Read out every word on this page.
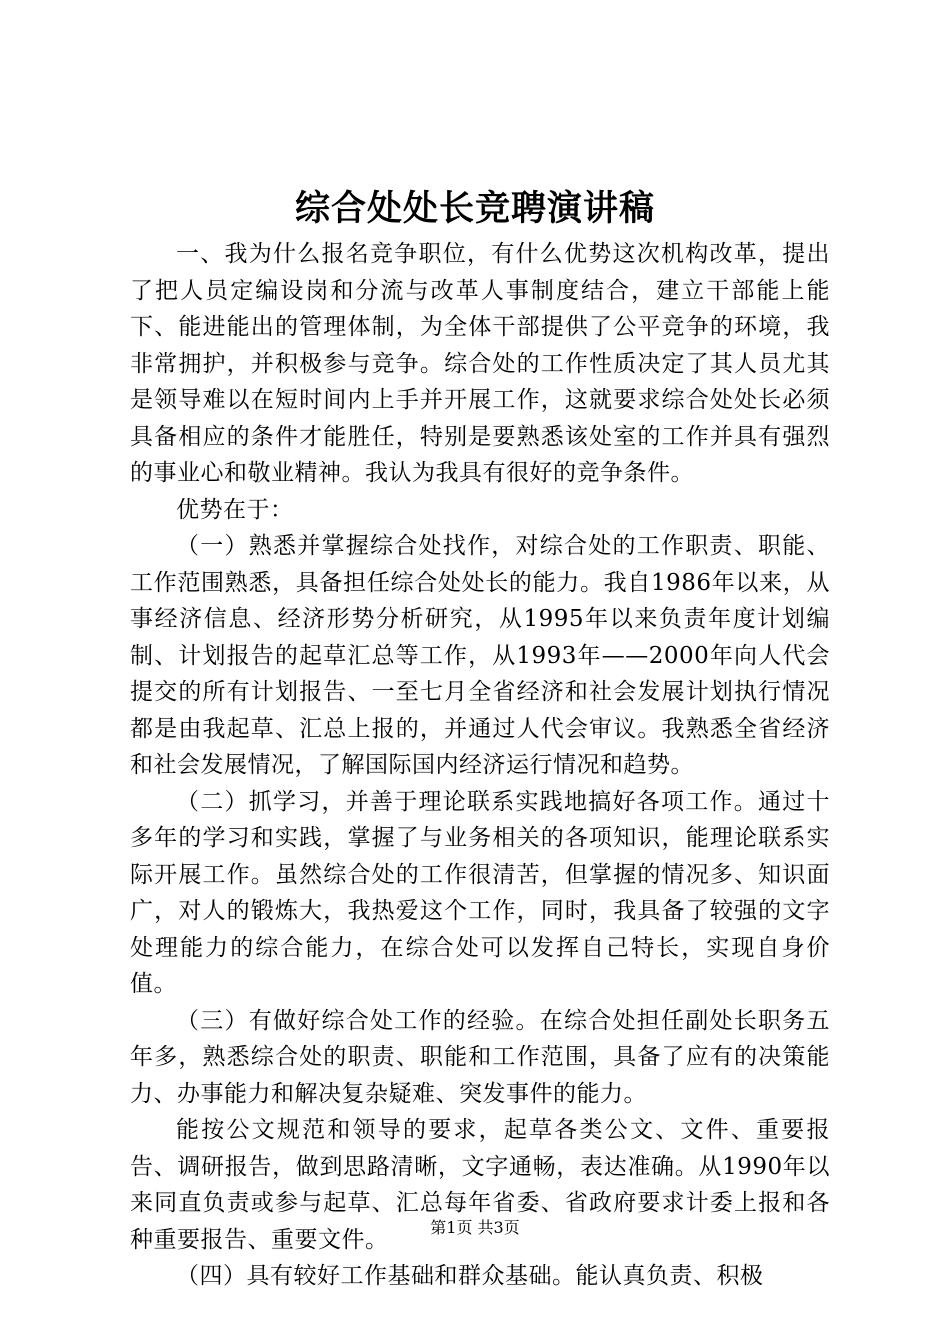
综合处处长竞聘演讲稿

一、我为什么报名竞争职位，有什么优势这次机构改革，提出了把人员定编设岗和分流与改革人事制度结合，建立干部能上能下、能进能出的管理体制，为全体干部提供了公平竞争的环境，我非常拥护，并积极参与竞争。综合处的工作性质决定了其人员尤其是领导难以在短时间内上手并开展工作，这就要求综合处处长必须具备相应的条件才能胜任，特别是要熟悉该处室的工作并具有强烈的事业心和敬业精神。我认为我具有很好的竞争条件。

优势在于：

（一）熟悉并掌握综合处找作，对综合处的工作职责、职能、工作范围熟悉，具备担任综合处处长的能力。我自1986年以来，从事经济信息、经济形势分析研究，从1995年以来负责年度计划编制、计划报告的起草汇总等工作，从1993年——2000年向人代会提交的所有计划报告、一至七月全省经济和社会发展计划执行情况都是由我起草、汇总上报的，并通过人代会审议。我熟悉全省经济和社会发展情况，了解国际国内经济运行情况和趋势。

（二）抓学习，并善于理论联系实践地搞好各项工作。通过十多年的学习和实践，掌握了与业务相关的各项知识，能理论联系实际开展工作。虽然综合处的工作很清苦，但掌握的情况多、知识面广，对人的锻炼大，我热爱这个工作，同时，我具备了较强的文字处理能力的综合能力，在综合处可以发挥自己特长，实现自身价值。

（三）有做好综合处工作的经验。在综合处担任副处长职务五年多，熟悉综合处的职责、职能和工作范围，具备了应有的决策能力、办事能力和解决复杂疑难、突发事件的能力。

能按公文规范和领导的要求，起草各类公文、文件、重要报告、调研报告，做到思路清晰，文字通畅，表达准确。从1990年以来同直负责或参与起草、汇总每年省委、省政府要求计委上报和各种重要报告、重要文件。

（四）具有较好工作基础和群众基础。能认真负责、积极

第1页 共3页
